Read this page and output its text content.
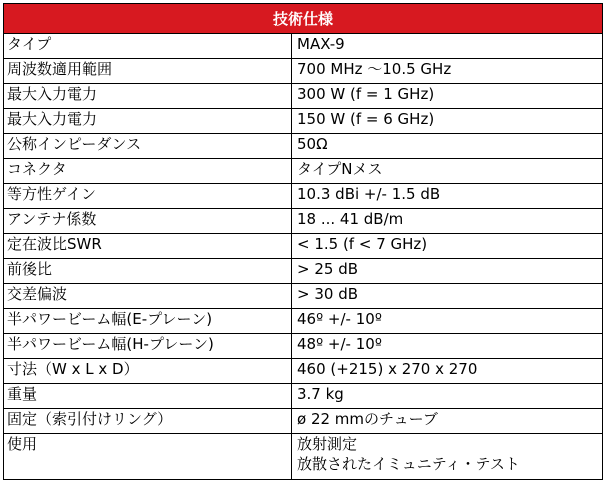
技術仕様	
タイプ	MAX-9

周波数適用範囲	700 MHz ～10.5 GHz

最大入力電力	300 W (f = 1 GHz)

最大入力電力	150 W (f = 6 GHz)

公称インピーダンス	50Ω

コネクタ	タイプNメス

等方性ゲイン	10.3 dBi +/- 1.5 dB

アンテナ係数	18 ... 41 dB/m

定在波比SWR	< 1.5 (f < 7 GHz)

前後比	> 25 dB

交差偏波	> 30 dB

半パワービーム幅(E-プレーン)	46º +/- 10º

半パワービーム幅(H-プレーン)	48º +/- 10º

寸法（W x L x D）	460 (+215) x 270 x 270

重量	3.7 kg

固定（索引付けリング）	ø 22 mmのチューブ

使用	放射測定
放散されたイミュニティ・テスト
